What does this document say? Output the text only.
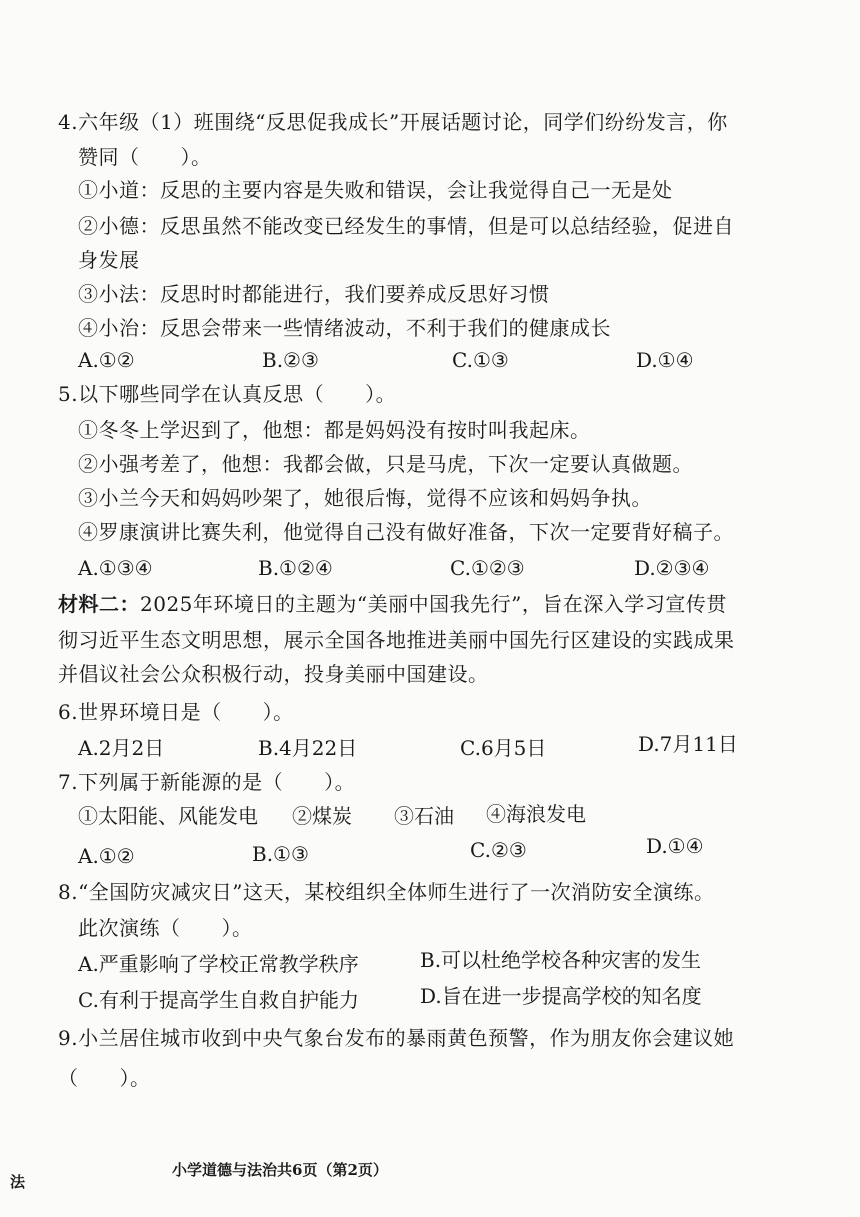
4.六年级（1）班围绕“反思促我成长”开展话题讨论，同学们纷纷发言，你
赞同（　　）。
①小道：反思的主要内容是失败和错误，会让我觉得自己一无是处
②小德：反思虽然不能改变已经发生的事情，但是可以总结经验，促进自
身发展
③小法：反思时时都能进行，我们要养成反思好习惯
④小治：反思会带来一些情绪波动，不利于我们的健康成长
A.①②	B.②③	C.①③	D.①④
5.以下哪些同学在认真反思（　　）。
①冬冬上学迟到了，他想：都是妈妈没有按时叫我起床。
②小强考差了，他想：我都会做，只是马虎，下次一定要认真做题。
③小兰今天和妈妈吵架了，她很后悔，觉得不应该和妈妈争执。
④罗康演讲比赛失利，他觉得自己没有做好准备，下次一定要背好稿子。
A.①③④	B.①②④	C.①②③	D.②③④
材料二：2025年环境日的主题为“美丽中国我先行”，旨在深入学习宣传贯
彻习近平生态文明思想，展示全国各地推进美丽中国先行区建设的实践成果
并倡议社会公众积极行动，投身美丽中国建设。
6.世界环境日是（　　）。
A.2月2日	B.4月22日	C.6月5日	D.7月11日
7.下列属于新能源的是（　　）。
①太阳能、风能发电 ②煤炭 ③石油 ④海浪发电
A.①②	B.①③	C.②③	D.①④
8.“全国防灾减灾日”这天，某校组织全体师生进行了一次消防安全演练。
此次演练（　　）。
A.严重影响了学校正常教学秩序	B.可以杜绝学校各种灾害的发生
C.有利于提高学生自救自护能力	D.旨在进一步提高学校的知名度
9.小兰居住城市收到中央气象台发布的暴雨黄色预警，作为朋友你会建议她
（　　）。
法
小学道德与法治共6页（第2页）
